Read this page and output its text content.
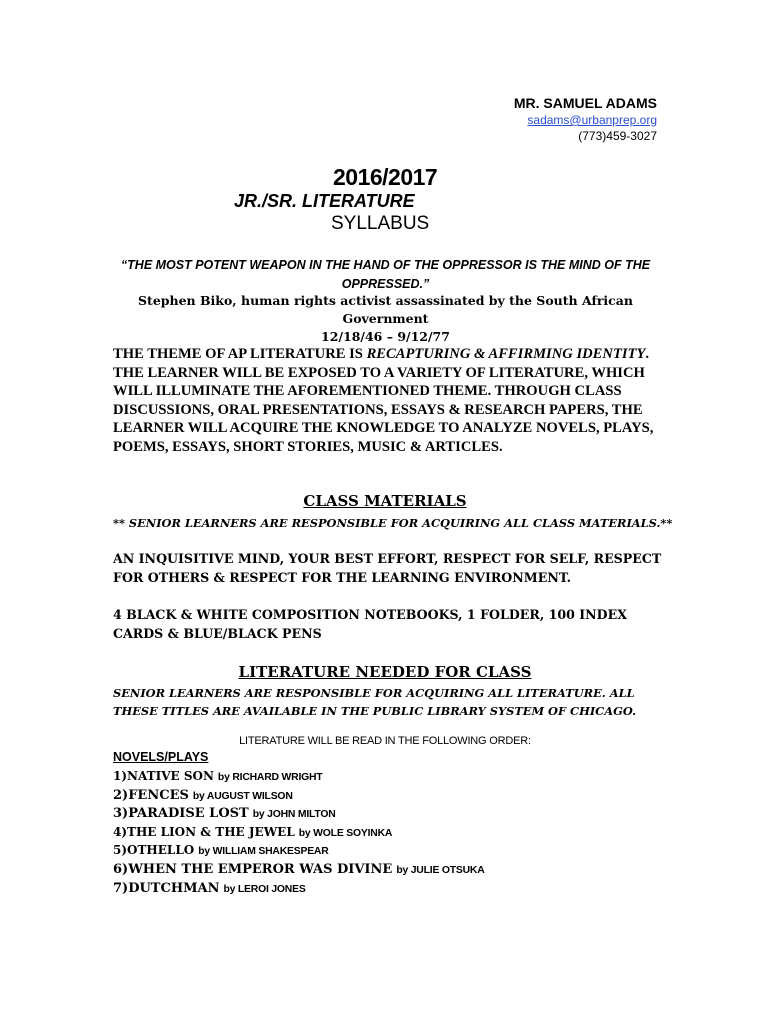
MR. SAMUEL ADAMS
sadams@urbanprep.org
(773)459-3027
2016/2017
JR./SR. LITERATURE
SYLLABUS
“THE MOST POTENT WEAPON IN THE HAND OF THE OPPRESSOR IS THE MIND OF THE OPPRESSED.”
Stephen Biko, human rights activist assassinated by the South African Government
12/18/46 – 9/12/77
THE THEME OF AP LITERATURE IS RECAPTURING & AFFIRMING IDENTITY. THE LEARNER WILL BE EXPOSED TO A VARIETY OF LITERATURE, WHICH WILL ILLUMINATE THE AFOREMENTIONED THEME. THROUGH CLASS DISCUSSIONS, ORAL PRESENTATIONS, ESSAYS & RESEARCH PAPERS, THE LEARNER WILL ACQUIRE THE KNOWLEDGE TO ANALYZE NOVELS, PLAYS, POEMS, ESSAYS, SHORT STORIES, MUSIC & ARTICLES.
CLASS MATERIALS
** SENIOR LEARNERS ARE RESPONSIBLE FOR ACQUIRING ALL CLASS MATERIALS.**
AN INQUISITIVE MIND, YOUR BEST EFFORT, RESPECT FOR SELF, RESPECT FOR OTHERS & RESPECT FOR THE LEARNING ENVIRONMENT.
4 BLACK & WHITE COMPOSITION NOTEBOOKS, 1 FOLDER, 100 INDEX CARDS & BLUE/BLACK PENS
LITERATURE NEEDED FOR CLASS
SENIOR LEARNERS ARE RESPONSIBLE FOR ACQUIRING ALL LITERATURE. ALL THESE TITLES ARE AVAILABLE IN THE PUBLIC LIBRARY SYSTEM OF CHICAGO.
LITERATURE WILL BE READ IN THE FOLLOWING ORDER:
NOVELS/PLAYS
1)NATIVE SON by RICHARD WRIGHT
2)FENCES by AUGUST WILSON
3)PARADISE LOST by JOHN MILTON
4)THE LION & THE JEWEL by WOLE SOYINKA
5)OTHELLO by WILLIAM SHAKESPEAR
6)WHEN THE EMPEROR WAS DIVINE by JULIE OTSUKA
7)DUTCHMAN by LEROI JONES
